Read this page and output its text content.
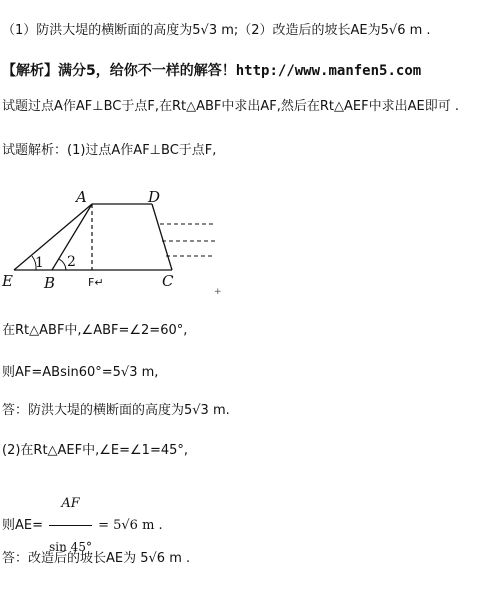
（1）防洪大堤的横断面的高度为5√3 m;（2）改造后的坡长AE为5√6 m .
【解析】满分5，给你不一样的解答！http://www.manfen5.com
试题过点A作AF⊥BC于点F,在Rt△ABF中求出AF,然后在Rt△AEF中求出AE即可 .
试题解析：(1)过点A作AF⊥BC于点F,
+
A	D
E B	C
1 2
F↵
在Rt△ABF中,∠ABF=∠2=60°,
则AF=ABsin60°=5√3 m,
答：防洪大堤的横断面的高度为5√3 m.
(2)在Rt△AEF中,∠E=∠1=45°,
则$AE= \frac{AF}{\sin 45^\circ} = 5√6$ m .
答：改造后的坡长AE为 5√6 m .
